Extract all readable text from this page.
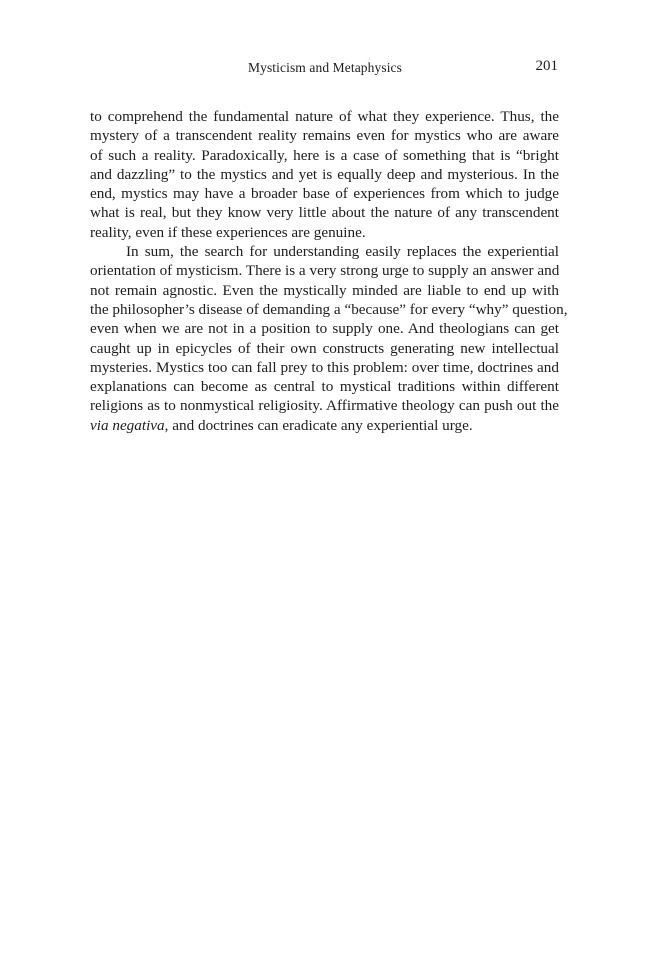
Mysticism and Metaphysics	201
to comprehend the fundamental nature of what they experience. Thus, the
mystery of a transcendent reality remains even for mystics who are aware
of such a reality. Paradoxically, here is a case of something that is “bright
and dazzling” to the mystics and yet is equally deep and mysterious. In the
end, mystics may have a broader base of experiences from which to judge
what is real, but they know very little about the nature of any transcendent
reality, even if these experiences are genuine.
In sum, the search for understanding easily replaces the experiential
orientation of mysticism. There is a very strong urge to supply an answer and
not remain agnostic. Even the mystically minded are liable to end up with
the philosopher’s disease of demanding a “because” for every “why” question,
even when we are not in a position to supply one. And theologians can get
caught up in epicycles of their own constructs generating new intellectual
mysteries. Mystics too can fall prey to this problem: over time, doctrines and
explanations can become as central to mystical traditions within different
religions as to nonmystical religiosity. Affirmative theology can push out the
via negativa, and doctrines can eradicate any experiential urge.
